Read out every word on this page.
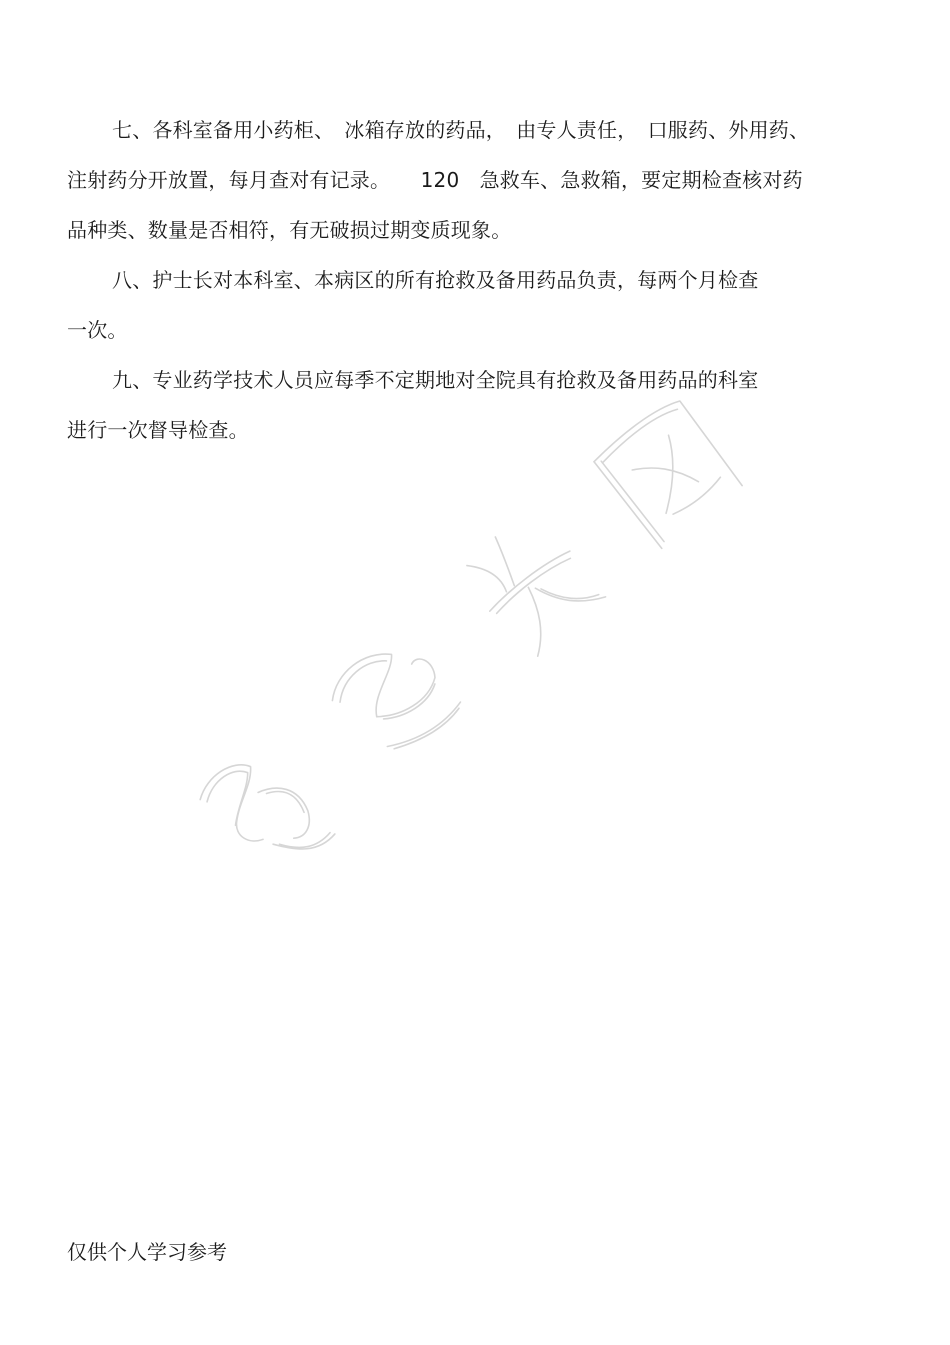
七、各科室备用小药柜、　冰箱存放的药品，　由专人责任，　口服药、外用药、
注射药分开放置，每月查对有记录。　　120　急救车、急救箱，要定期检查核对药
品种类、数量是否相符，有无破损过期变质现象。
八、护士长对本科室、本病区的所有抢救及备用药品负责，每两个月检查
一次。
九、专业药学技术人员应每季不定期地对全院具有抢救及备用药品的科室
进行一次督导检查。
仅供个人学习参考
